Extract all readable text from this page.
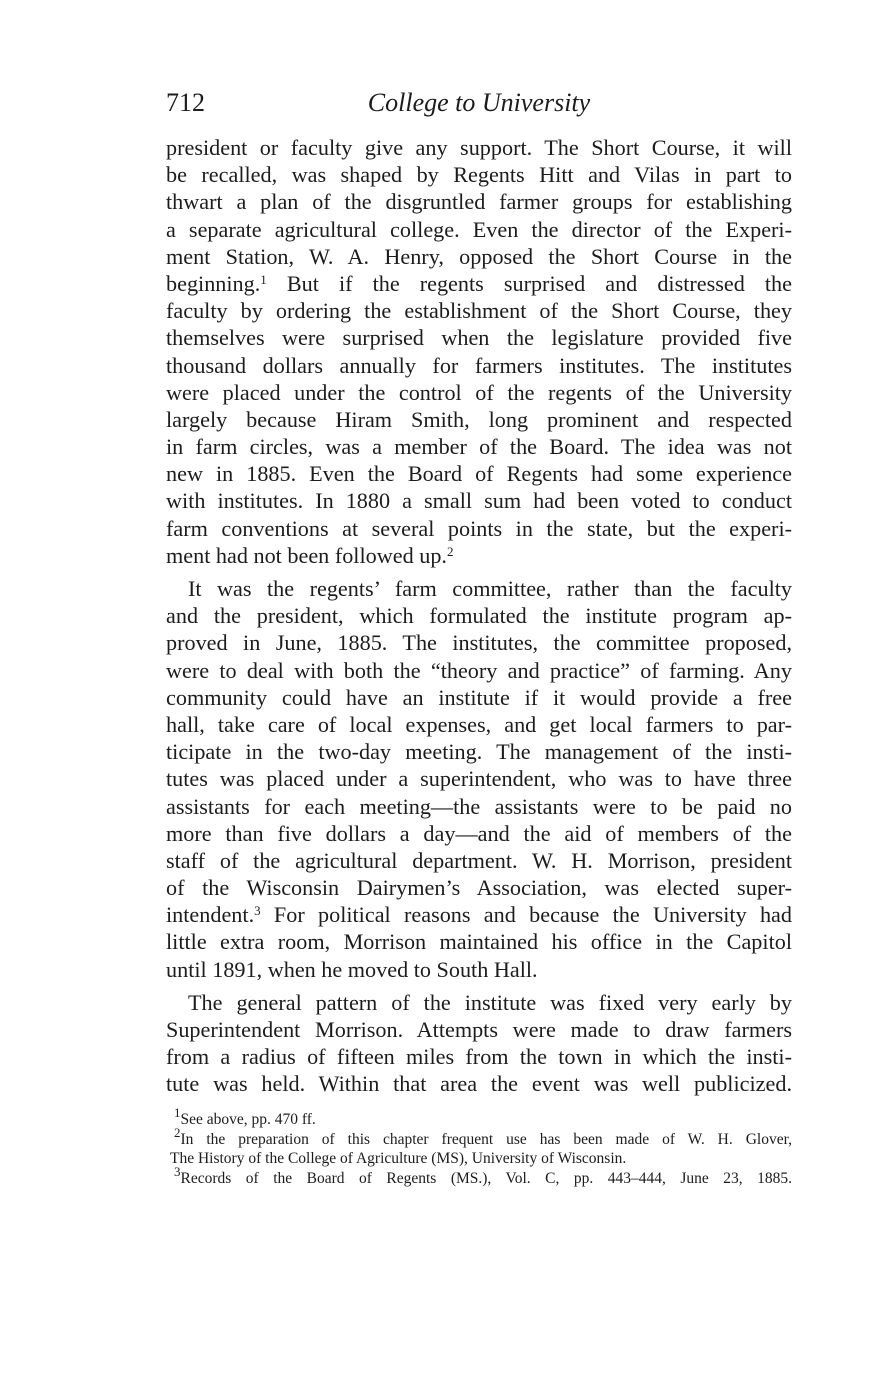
712	College to University
president or faculty give any support. The Short Course, it will
be recalled, was shaped by Regents Hitt and Vilas in part to
thwart a plan of the disgruntled farmer groups for establishing
a separate agricultural college. Even the director of the Experi-
ment Station, W. A. Henry, opposed the Short Course in the
beginning.$^1$ But if the regents surprised and distressed the
faculty by ordering the establishment of the Short Course, they
themselves were surprised when the legislature provided five
thousand dollars annually for farmers institutes. The institutes
were placed under the control of the regents of the University
largely because Hiram Smith, long prominent and respected
in farm circles, was a member of the Board. The idea was not
new in 1885. Even the Board of Regents had some experience
with institutes. In 1880 a small sum had been voted to conduct
farm conventions at several points in the state, but the experi-
ment had not been followed up.$^2$
It was the regents’ farm committee, rather than the faculty
and the president, which formulated the institute program ap-
proved in June, 1885. The institutes, the committee proposed,
were to deal with both the “theory and practice” of farming. Any
community could have an institute if it would provide a free
hall, take care of local expenses, and get local farmers to par-
ticipate in the two-day meeting. The management of the insti-
tutes was placed under a superintendent, who was to have three
assistants for each meeting—the assistants were to be paid no
more than five dollars a day—and the aid of members of the
staff of the agricultural department. W. H. Morrison, president
of the Wisconsin Dairymen’s Association, was elected super-
intendent.$^3$ For political reasons and because the University had
little extra room, Morrison maintained his office in the Capitol
until 1891, when he moved to South Hall.
The general pattern of the institute was fixed very early by
Superintendent Morrison. Attempts were made to draw farmers
from a radius of fifteen miles from the town in which the insti-
tute was held. Within that area the event was well publicized.
$^1$See above, pp. 470 ff.
$^2$In the preparation of this chapter frequent use has been made of W. H. Glover,
The History of the College of Agriculture (MS), University of Wisconsin.
$^3$Records of the Board of Regents (MS.), Vol. C, pp. 443–444, June 23, 1885.
